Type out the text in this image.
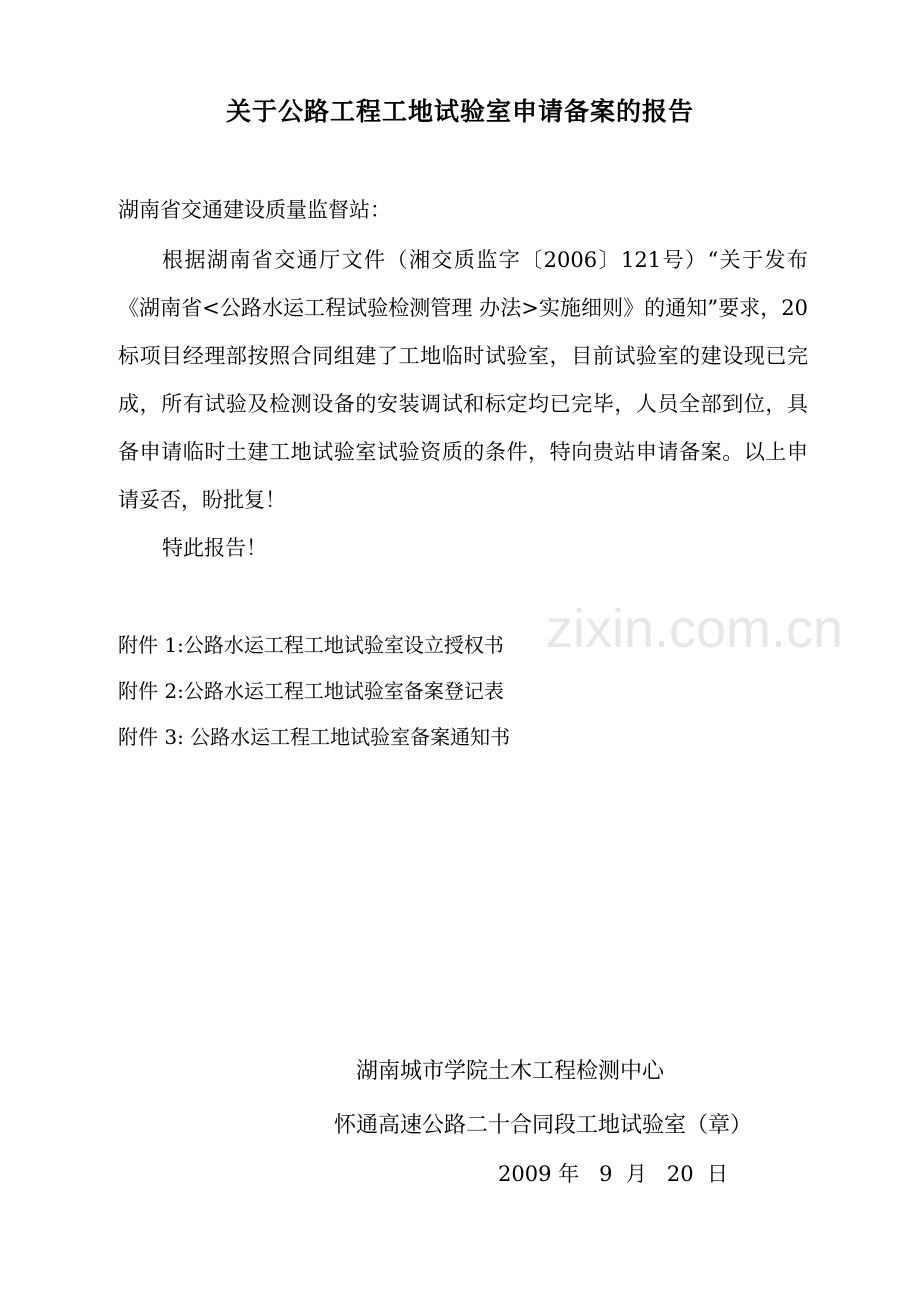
关于公路工程工地试验室申请备案的报告

湖南省交通建设质量监督站：

根据湖南省交通厅文件（湘交质监字〔2006〕121号）“关于发布《湖南省<公路水运工程试验检测管理 办法>实施细则》的通知”要求，20标项目经理部按照合同组建了工地临时试验室，目前试验室的建设现已完成，所有试验及检测设备的安装调试和标定均已完毕，人员全部到位，具备申请临时土建工地试验室试验资质的条件，特向贵站申请备案。以上申请妥否，盼批复！

特此报告！

附件 1:公路水运工程工地试验室设立授权书
附件 2:公路水运工程工地试验室备案登记表
附件 3: 公路水运工程工地试验室备案通知书
zixin.com.cn

湖南城市学院土木工程检测中心

怀通高速公路二十合同段工地试验室（章）

2009 年   9  月   20  日
